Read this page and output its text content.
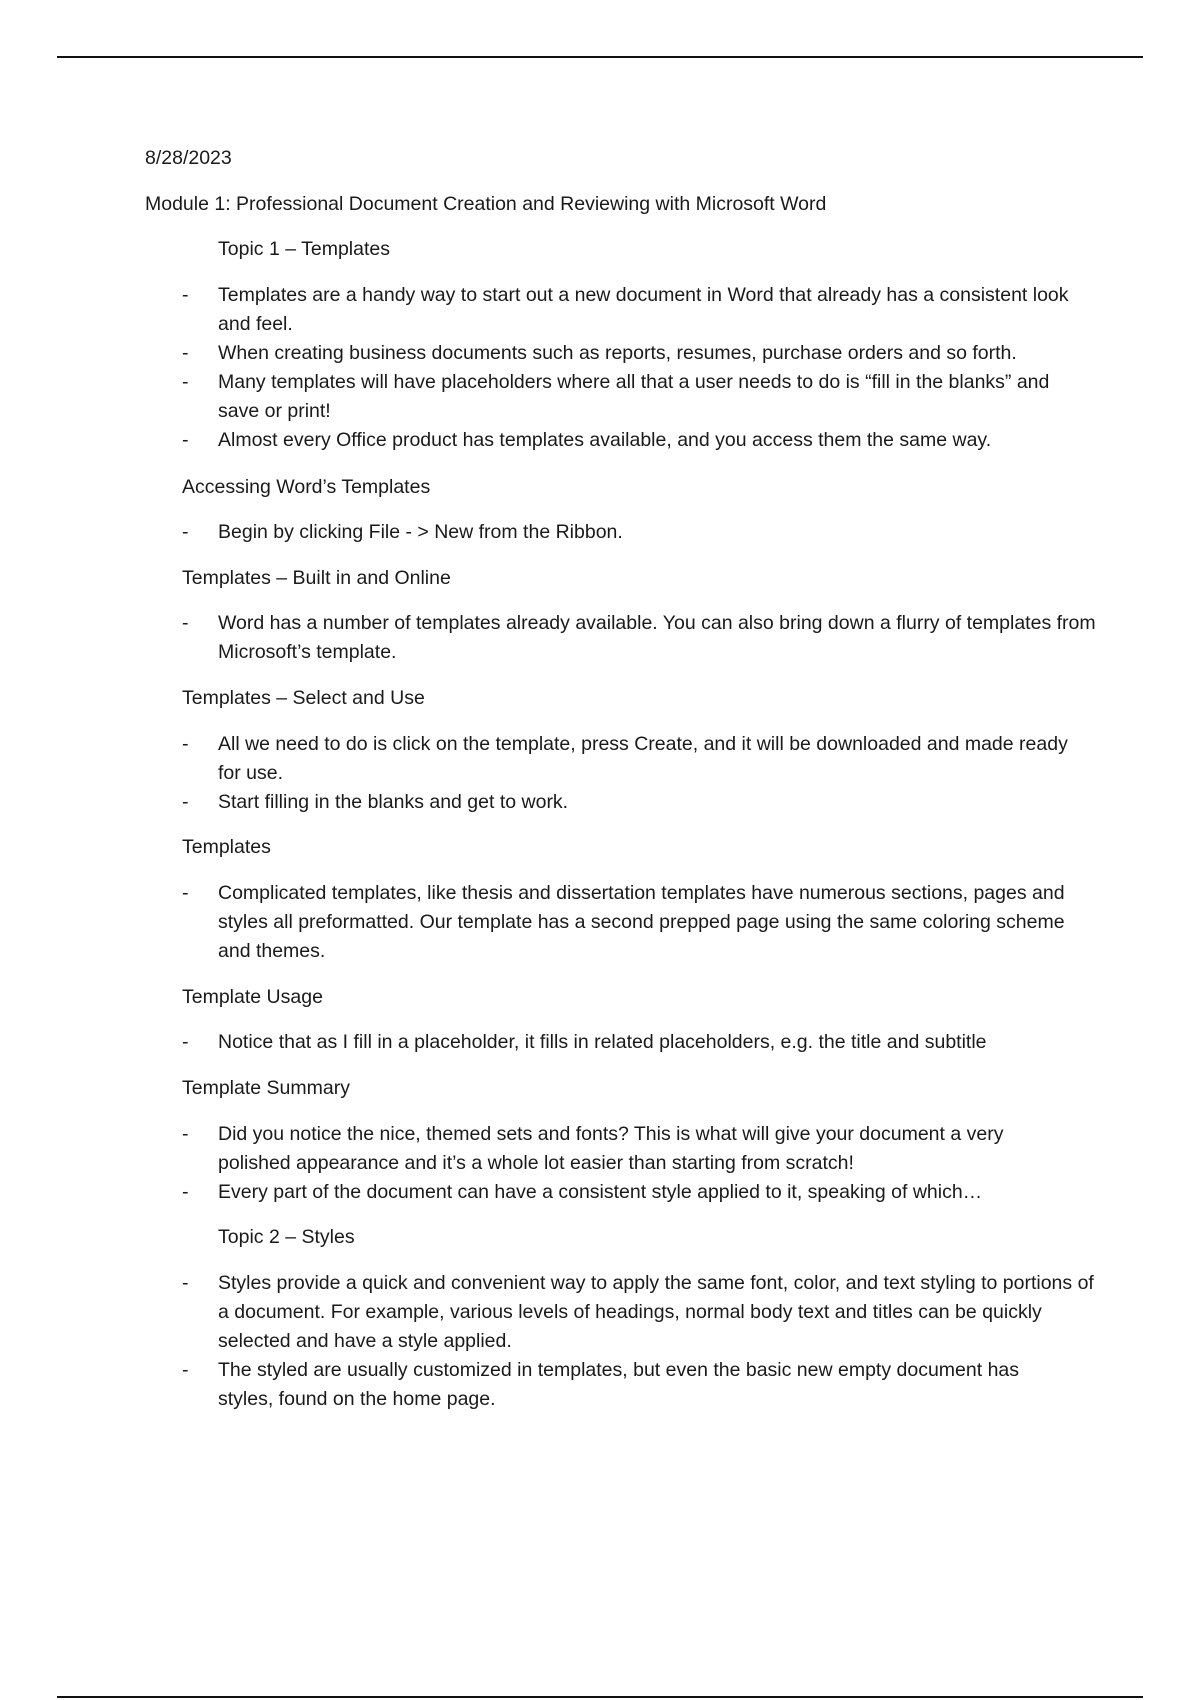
8/28/2023
Module 1: Professional Document Creation and Reviewing with Microsoft Word
Topic 1 – Templates
- Templates are a handy way to start out a new document in Word that already has a consistent look and feel.
- When creating business documents such as reports, resumes, purchase orders and so forth.
- Many templates will have placeholders where all that a user needs to do is “fill in the blanks” and save or print!
- Almost every Office product has templates available, and you access them the same way.
Accessing Word’s Templates
- Begin by clicking File - > New from the Ribbon.
Templates – Built in and Online
- Word has a number of templates already available. You can also bring down a flurry of templates from Microsoft’s template.
Templates – Select and Use
- All we need to do is click on the template, press Create, and it will be downloaded and made ready for use.
- Start filling in the blanks and get to work.
Templates
- Complicated templates, like thesis and dissertation templates have numerous sections, pages and styles all preformatted. Our template has a second prepped page using the same coloring scheme and themes.
Template Usage
- Notice that as I fill in a placeholder, it fills in related placeholders, e.g. the title and subtitle
Template Summary
- Did you notice the nice, themed sets and fonts? This is what will give your document a very polished appearance and it’s a whole lot easier than starting from scratch!
- Every part of the document can have a consistent style applied to it, speaking of which…
Topic 2 – Styles
- Styles provide a quick and convenient way to apply the same font, color, and text styling to portions of a document. For example, various levels of headings, normal body text and titles can be quickly selected and have a style applied.
- The styled are usually customized in templates, but even the basic new empty document has styles, found on the home page.
